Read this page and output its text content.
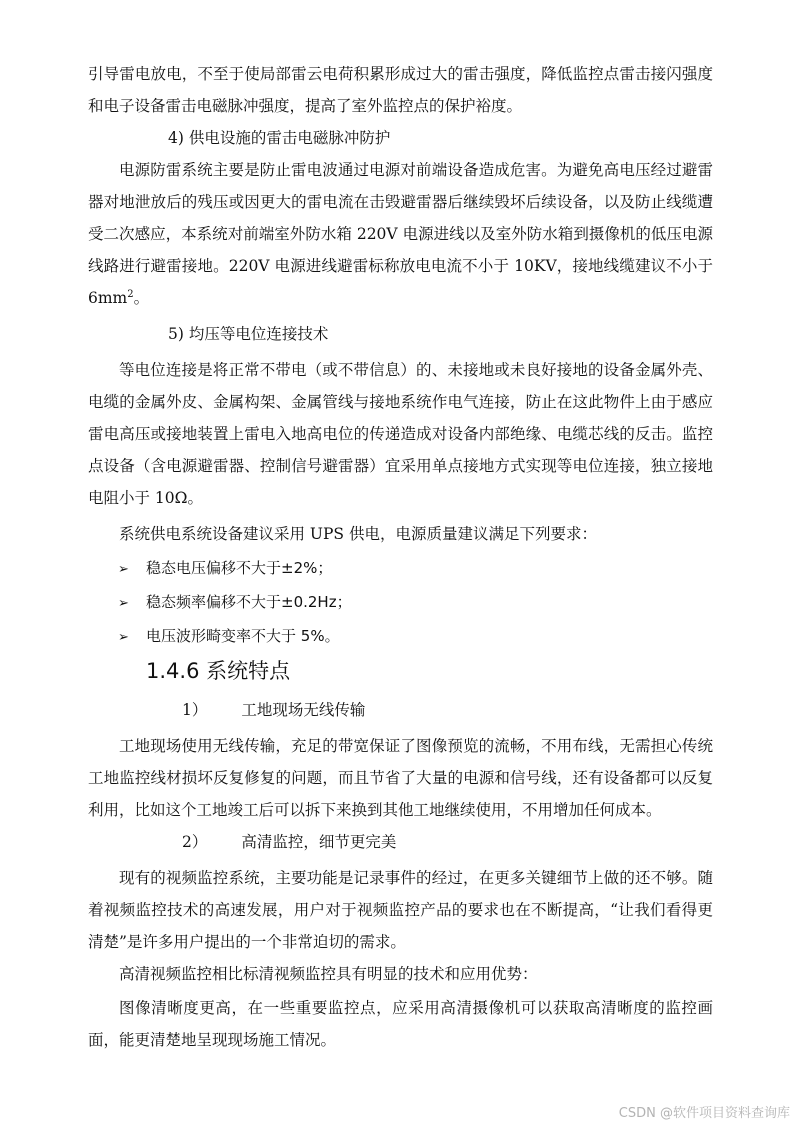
引导雷电放电，不至于使局部雷云电荷积累形成过大的雷击强度，降低监控点雷击接闪强度和电子设备雷击电磁脉冲强度，提高了室外监控点的保护裕度。

4) 供电设施的雷击电磁脉冲防护

电源防雷系统主要是防止雷电波通过电源对前端设备造成危害。为避免高电压经过避雷器对地泄放后的残压或因更大的雷电流在击毁避雷器后继续毁坏后续设备，以及防止线缆遭受二次感应，本系统对前端室外防水箱 220V 电源进线以及室外防水箱到摄像机的低压电源线路进行避雷接地。220V 电源进线避雷标称放电电流不小于 10KV，接地线缆建议不小于 $6mm^2$。

5) 均压等电位连接技术

等电位连接是将正常不带电（或不带信息）的、未接地或未良好接地的设备金属外壳、电缆的金属外皮、金属构架、金属管线与接地系统作电气连接，防止在这此物件上由于感应雷电高压或接地装置上雷电入地高电位的传递造成对设备内部绝缘、电缆芯线的反击。监控点设备（含电源避雷器、控制信号避雷器）宜采用单点接地方式实现等电位连接，独立接地电阻小于 10Ω。

系统供电系统设备建议采用 UPS 供电，电源质量建议满足下列要求：

➢ 稳态电压偏移不大于±2%；

➢ 稳态频率偏移不大于±0.2Hz；

➢ 电压波形畸变率不大于 5%。

1.4.6 系统特点

1） 工地现场无线传输

工地现场使用无线传输，充足的带宽保证了图像预览的流畅，不用布线，无需担心传统工地监控线材损坏反复修复的问题，而且节省了大量的电源和信号线，还有设备都可以反复利用，比如这个工地竣工后可以拆下来换到其他工地继续使用，不用增加任何成本。

2） 高清监控，细节更完美

现有的视频监控系统，主要功能是记录事件的经过，在更多关键细节上做的还不够。随着视频监控技术的高速发展，用户对于视频监控产品的要求也在不断提高，“让我们看得更清楚”是许多用户提出的一个非常迫切的需求。

高清视频监控相比标清视频监控具有明显的技术和应用优势：

图像清晰度更高，在一些重要监控点，应采用高清摄像机可以获取高清晰度的监控画面，能更清楚地呈现现场施工情况。

CSDN @软件项目资料查询库
